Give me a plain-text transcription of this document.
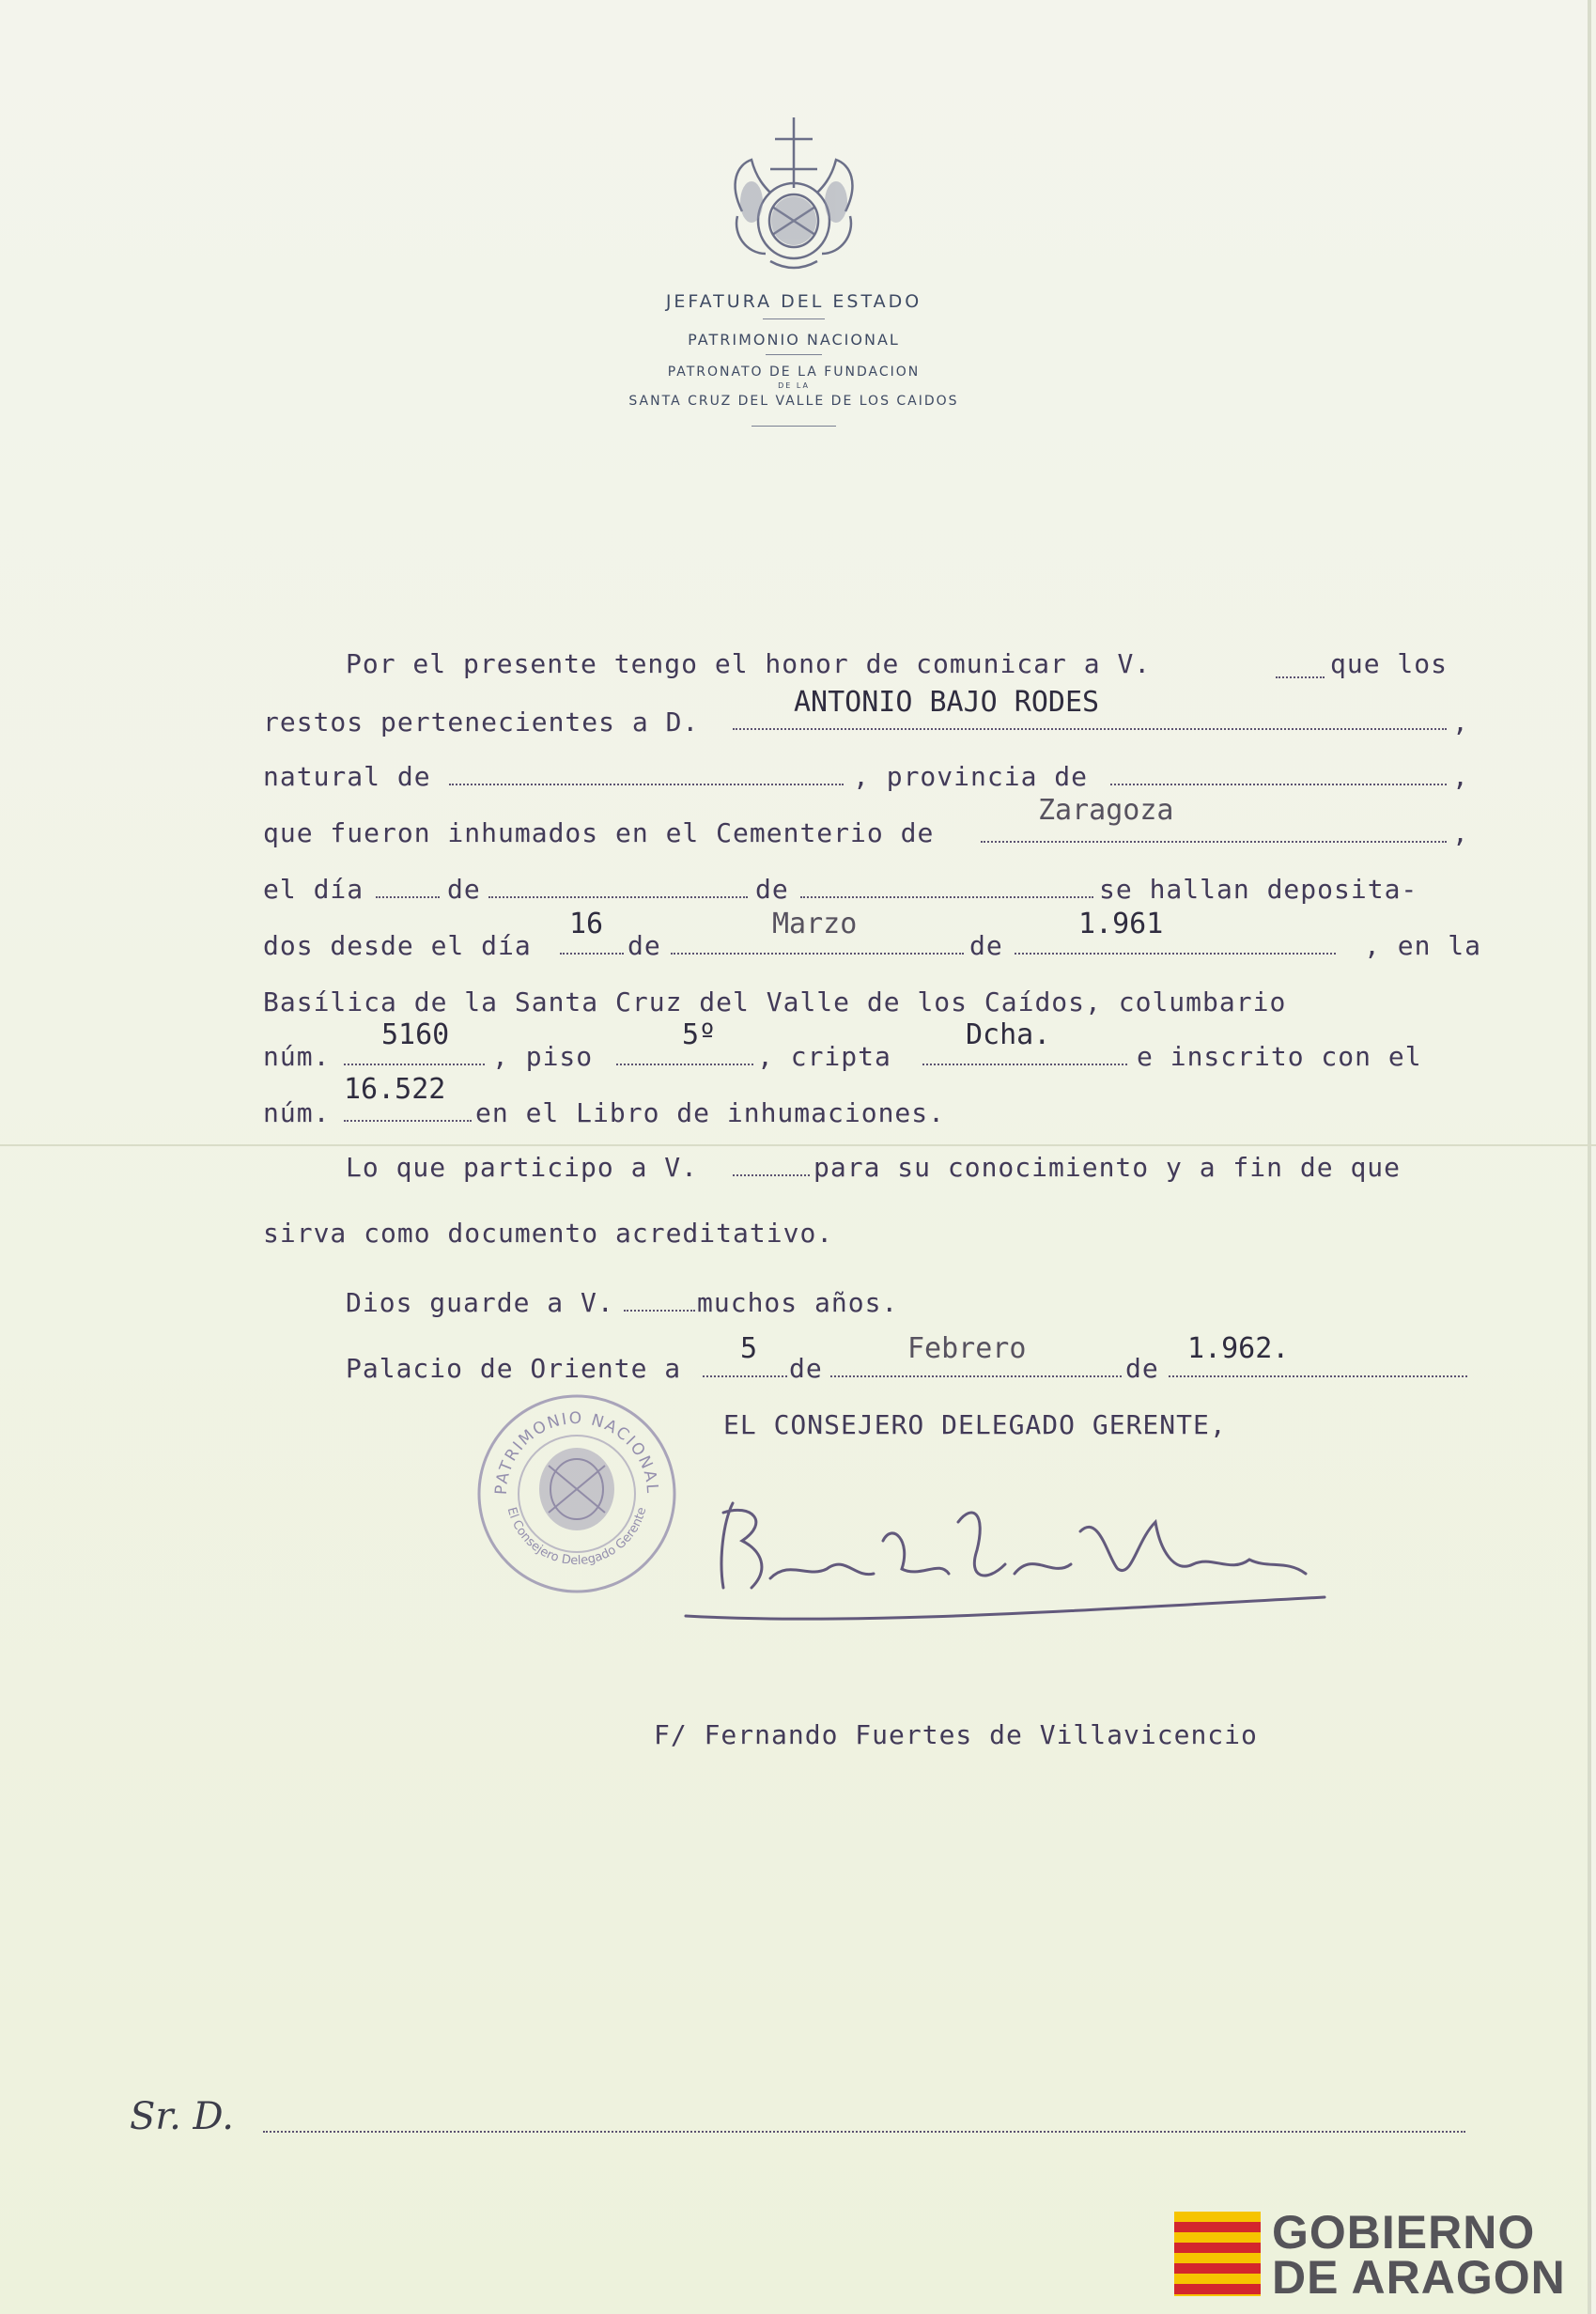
JEFATURA DEL ESTADO
PATRIMONIO NACIONAL
PATRONATO DE LA FUNDACION
DE LA
SANTA CRUZ DEL VALLE DE LOS CAIDOS
Por el presente tengo el honor de comunicar a V.	que los
restos pertenecientes a D.
ANTONIO BAJO RODES
,
natural de	, provincia de	,
que fueron inhumados en el Cementerio de
Zaragoza
,
el día	de	de	se hallan deposita-
dos desde el día
16
de
Marzo
de
1.961
, en la
Basílica de la Santa Cruz del Valle de los Caídos, columbario
núm.
5160
, piso
5º
, cripta
Dcha.
e inscrito con el
núm.
16.522
en el Libro de inhumaciones.
Lo que participo a V.	para su conocimiento y a fin de que
sirva como documento acreditativo.
Dios guarde a V.	muchos años.
Palacio de Oriente a
5
de
Febrero
de
1.962.
EL CONSEJERO DELEGADO GERENTE,
PATRIMONIO NACIONAL
El Consejero Delegado Gerente
F/ Fernando Fuertes de Villavicencio
Sr. D.
GOBIERNO
DE ARAGON
